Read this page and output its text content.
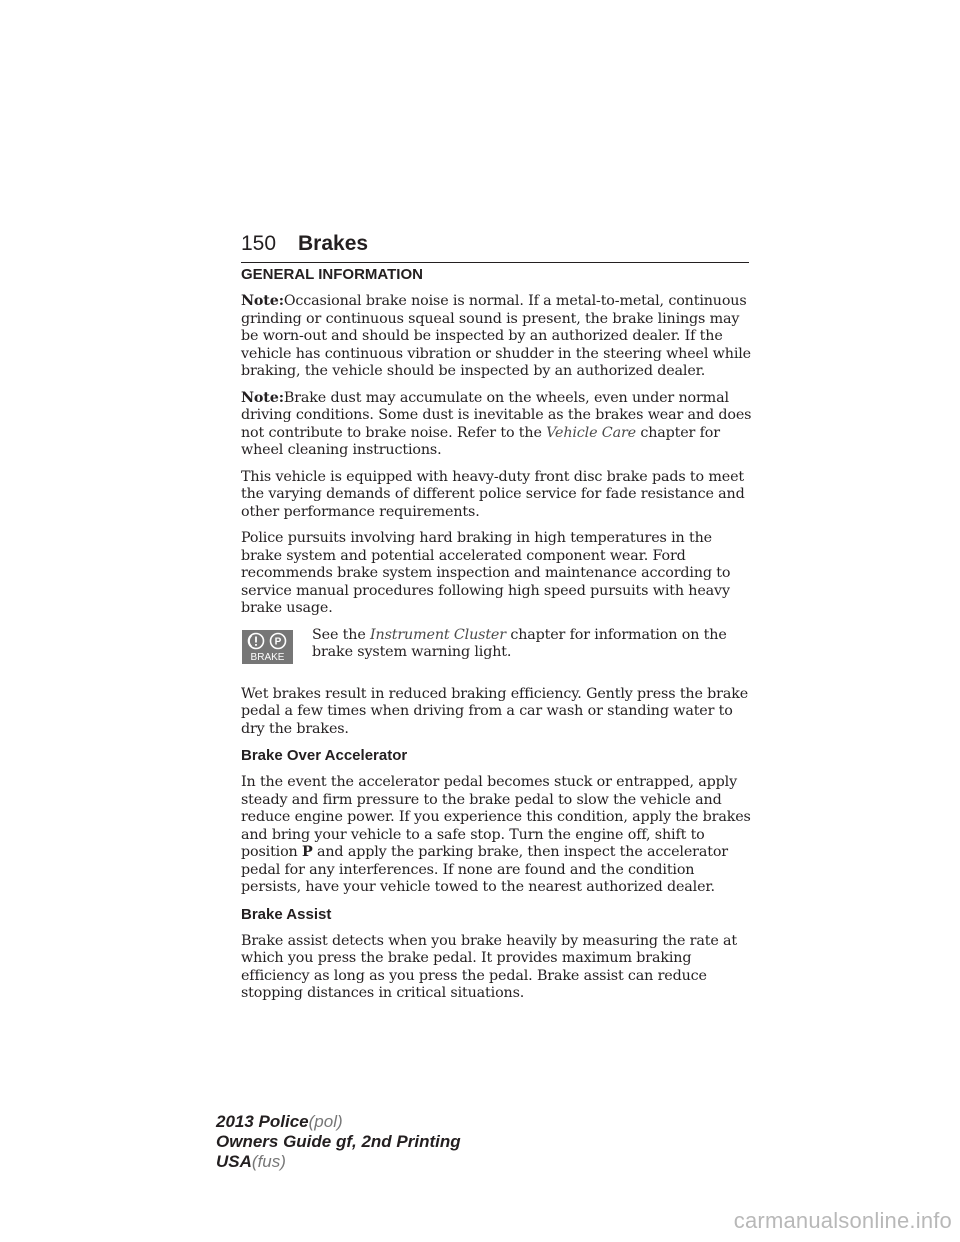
150 Brakes
GENERAL INFORMATION

Note:Occasional brake noise is normal. If a metal-to-metal, continuous grinding or continuous squeal sound is present, the brake linings may be worn-out and should be inspected by an authorized dealer. If the vehicle has continuous vibration or shudder in the steering wheel while braking, the vehicle should be inspected by an authorized dealer.

Note:Brake dust may accumulate on the wheels, even under normal driving conditions. Some dust is inevitable as the brakes wear and does not contribute to brake noise. Refer to the Vehicle Care chapter for wheel cleaning instructions.

This vehicle is equipped with heavy-duty front disc brake pads to meet the varying demands of different police service for fade resistance and other performance requirements.

Police pursuits involving hard braking in high temperatures in the brake system and potential accelerated component wear. Ford recommends brake system inspection and maintenance according to service manual procedures following high speed pursuits with heavy brake usage.

P
BRAKE

See the Instrument Cluster chapter for information on the brake system warning light.

Wet brakes result in reduced braking efficiency. Gently press the brake pedal a few times when driving from a car wash or standing water to dry the brakes.

Brake Over Accelerator

In the event the accelerator pedal becomes stuck or entrapped, apply steady and firm pressure to the brake pedal to slow the vehicle and reduce engine power. If you experience this condition, apply the brakes and bring your vehicle to a safe stop. Turn the engine off, shift to position P and apply the parking brake, then inspect the accelerator pedal for any interferences. If none are found and the condition persists, have your vehicle towed to the nearest authorized dealer.

Brake Assist

Brake assist detects when you brake heavily by measuring the rate at which you press the brake pedal. It provides maximum braking efficiency as long as you press the pedal. Brake assist can reduce stopping distances in critical situations.

2013 Police(pol)
Owners Guide gf, 2nd Printing
USA(fus)
carmanualsonline.info
